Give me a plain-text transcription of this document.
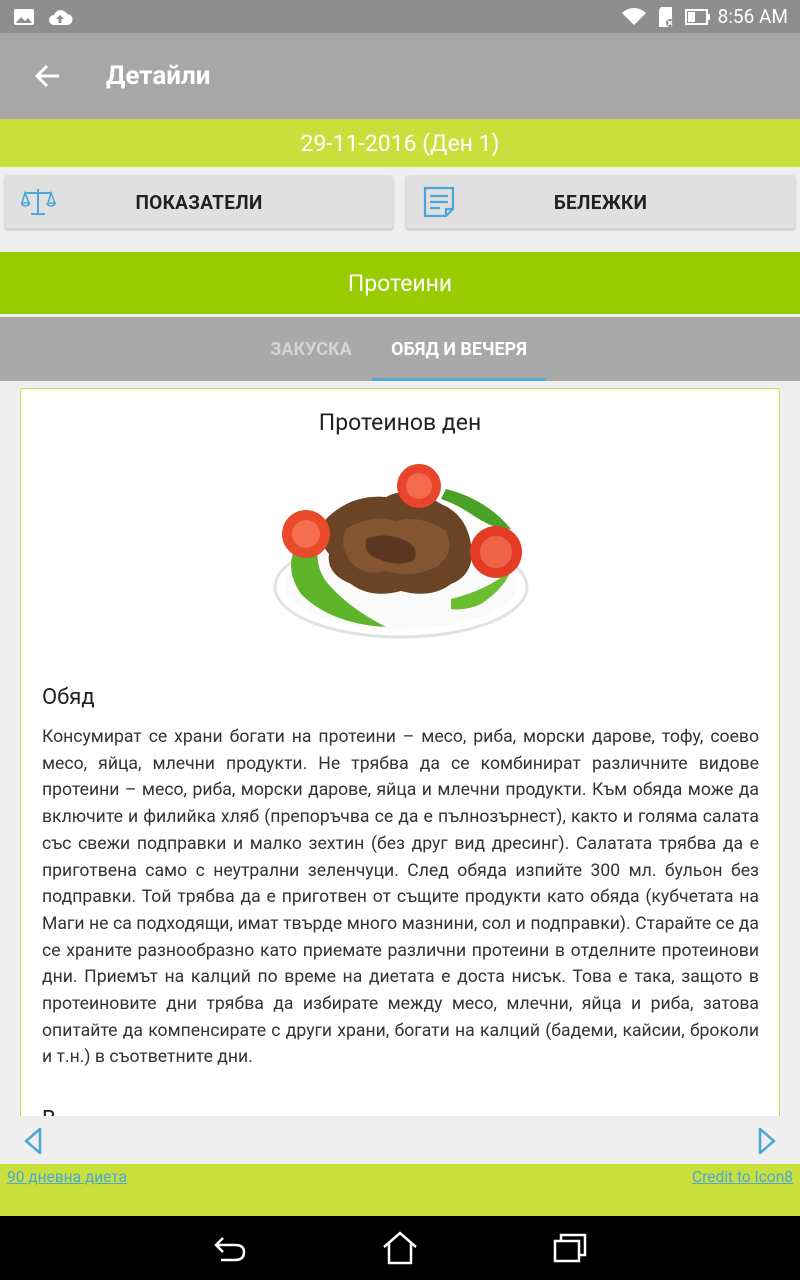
8:56 AM
Детайли
29-11-2016 (Ден 1)
ПОКАЗАТЕЛИ	БЕЛЕЖКИ
Протеини
ЗАКУСКА	ОБЯД И ВЕЧЕРЯ
Протеинов ден
Обяд
Консумират се храни богати на протеини – месо, риба, морски дарове, тофу, соево месо, яйца, млечни продукти. Не трябва да се комбинират различните видове протеини – месо, риба, морски дарове, яйца и млечни продукти. Към обяда може да включите и филийка хляб (препоръчва се да е пълнозърнест), както и голяма салата със свежи подправки и малко зехтин (без друг вид дресинг). Салатата трябва да е приготвена само с неутрални зеленчуци. След обяда изпийте 300 мл. бульон без подправки. Той трябва да е приготвен от същите продукти като обяда (кубчетата на Маги не са подходящи, имат твърде много мазнини, сол и подправки). Старайте се да се храните разнообразно като приемате различни протеини в отделните протеинови дни. Приемът на калций по време на диетата е доста нисък. Това е така, защото в протеиновите дни трябва да избирате между месо, млечни, яйца и риба, затова опитайте да компенсирате с други храни, богати на калций (бадеми, кайсии, броколи и т.н.) в съответните дни.
90 дневна диета	Credit to Icon8
